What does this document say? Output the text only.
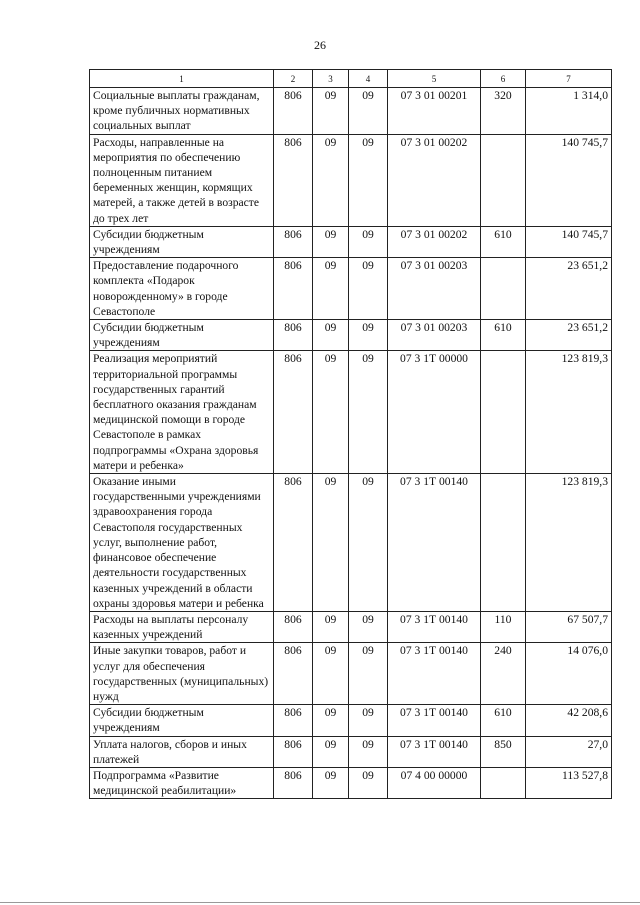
26
1	2	3	4	5	6	7
Социальные выплаты гражданам, кроме публичных нормативных социальных выплат	806	09	09	07 3 01 00201	320	1 314,0
Расходы, направленные на мероприятия по обеспечению полноценным питанием беременных женщин, кормящих матерей, а также детей в возрасте до трех лет	806	09	09	07 3 01 00202		140 745,7
Субсидии бюджетным учреждениям	806	09	09	07 3 01 00202	610	140 745,7
Предоставление подарочного комплекта «Подарок новорожденному» в городе Севастополе	806	09	09	07 3 01 00203		23 651,2
Субсидии бюджетным учреждениям	806	09	09	07 3 01 00203	610	23 651,2
Реализация мероприятий территориальной программы государственных гарантий бесплатного оказания гражданам медицинской помощи в городе Севастополе в рамках подпрограммы «Охрана здоровья матери и ребенка»	806	09	09	07 3 1Т 00000		123 819,3
Оказание иными государственными учреждениями здравоохранения города Севастополя государственных услуг, выполнение работ, финансовое обеспечение деятельности государственных казенных учреждений в области охраны здоровья матери и ребенка	806	09	09	07 3 1Т 00140		123 819,3
Расходы на выплаты персоналу казенных учреждений	806	09	09	07 3 1Т 00140	110	67 507,7
Иные закупки товаров, работ и услуг для обеспечения государственных (муниципальных) нужд	806	09	09	07 3 1Т 00140	240	14 076,0
Субсидии бюджетным учреждениям	806	09	09	07 3 1Т 00140	610	42 208,6
Уплата налогов, сборов и иных платежей	806	09	09	07 3 1Т 00140	850	27,0
Подпрограмма «Развитие медицинской реабилитации»	806	09	09	07 4 00 00000		113 527,8
